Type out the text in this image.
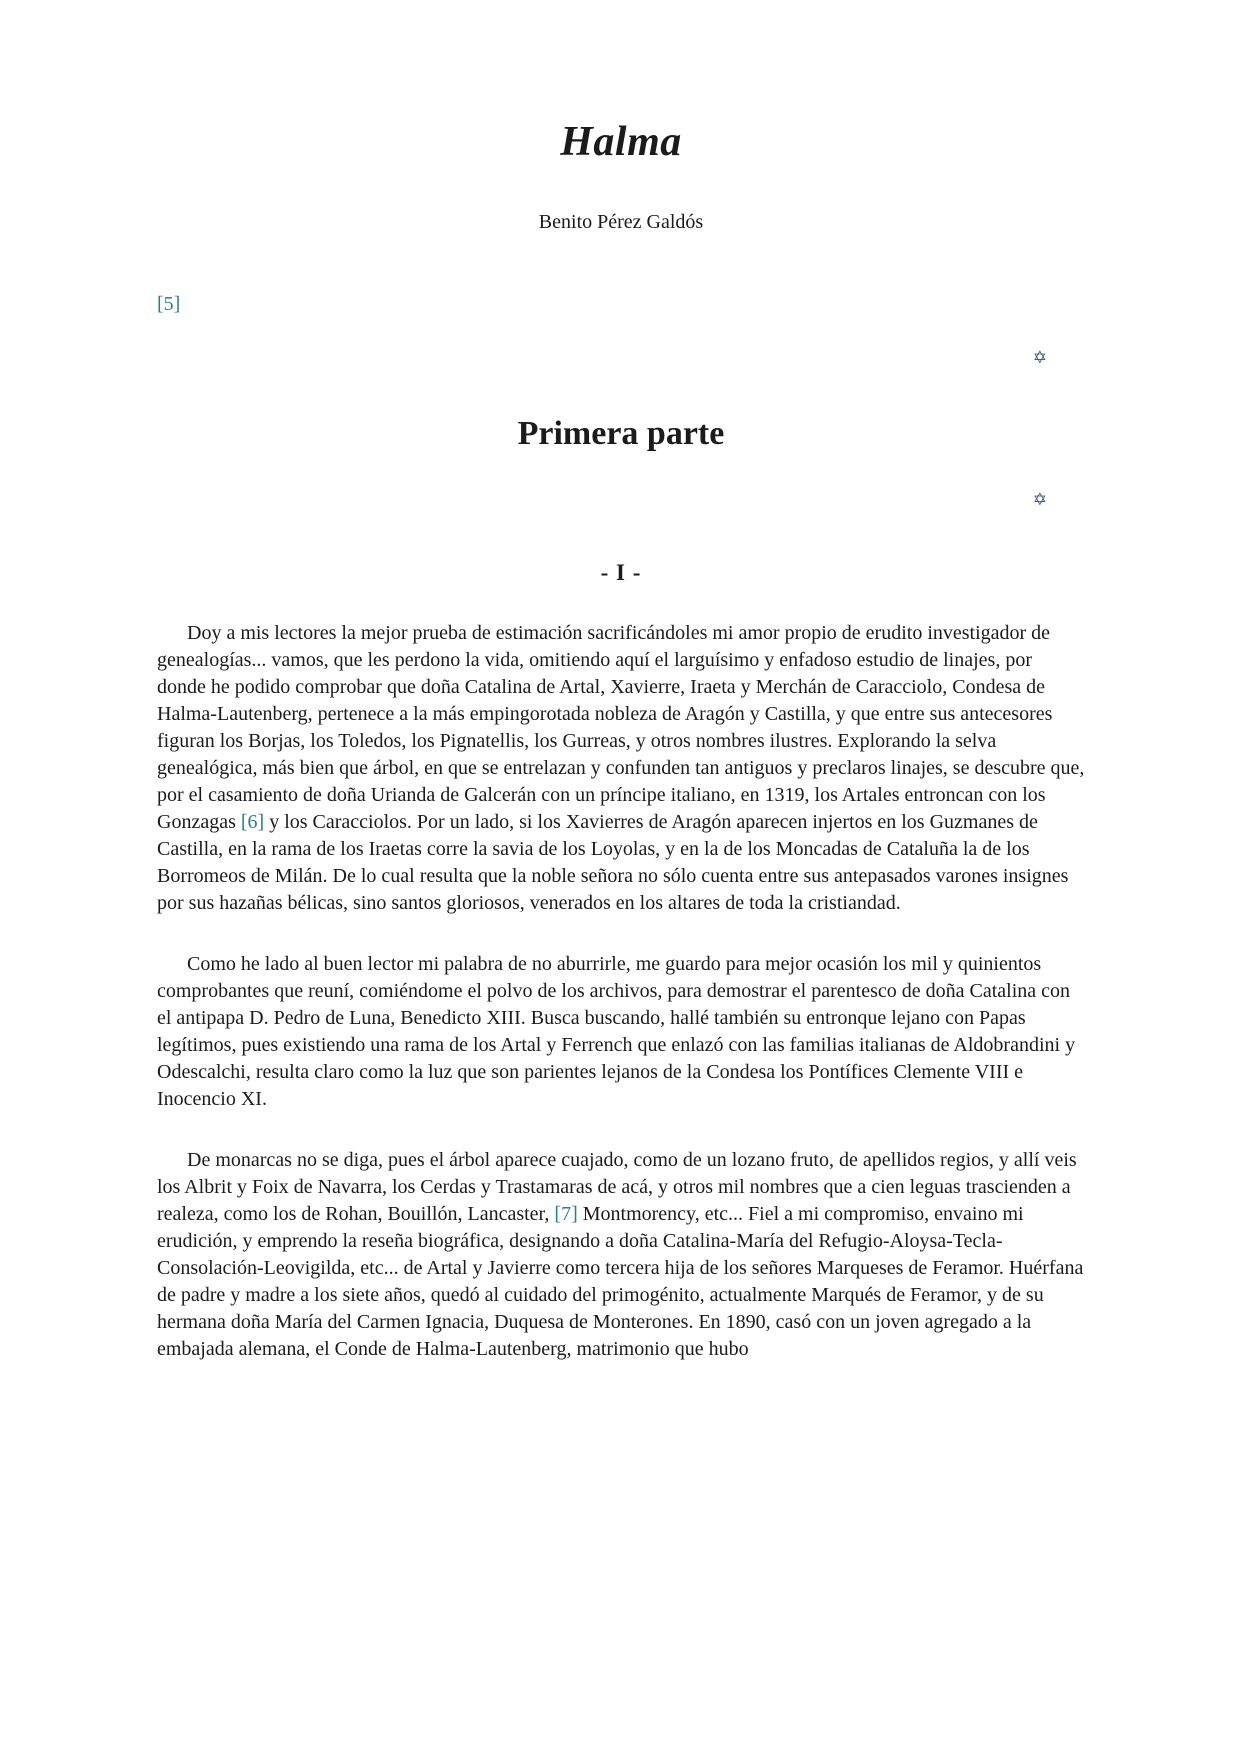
Halma
Benito Pérez Galdós
[5]
✡
Primera parte
✡
- I -

Doy a mis lectores la mejor prueba de estimación sacrificándoles mi amor propio de erudito investigador de genealogías... vamos, que les perdono la vida, omitiendo aquí el larguísimo y enfadoso estudio de linajes, por donde he podido comprobar que doña Catalina de Artal, Xavierre, Iraeta y Merchán de Caracciolo, Condesa de Halma-Lautenberg, pertenece a la más empingorotada nobleza de Aragón y Castilla, y que entre sus antecesores figuran los Borjas, los Toledos, los Pignatellis, los Gurreas, y otros nombres ilustres. Explorando la selva genealógica, más bien que árbol, en que se entrelazan y confunden tan antiguos y preclaros linajes, se descubre que, por el casamiento de doña Urianda de Galcerán con un príncipe italiano, en 1319, los Artales entroncan con los Gonzagas [6] y los Caracciolos. Por un lado, si los Xavierres de Aragón aparecen injertos en los Guzmanes de Castilla, en la rama de los Iraetas corre la savia de los Loyolas, y en la de los Moncadas de Cataluña la de los Borromeos de Milán. De lo cual resulta que la noble señora no sólo cuenta entre sus antepasados varones insignes por sus hazañas bélicas, sino santos gloriosos, venerados en los altares de toda la cristiandad.

Como he lado al buen lector mi palabra de no aburrirle, me guardo para mejor ocasión los mil y quinientos comprobantes que reuní, comiéndome el polvo de los archivos, para demostrar el parentesco de doña Catalina con el antipapa D. Pedro de Luna, Benedicto XIII. Busca buscando, hallé también su entronque lejano con Papas legítimos, pues existiendo una rama de los Artal y Ferrench que enlazó con las familias italianas de Aldobrandini y Odescalchi, resulta claro como la luz que son parientes lejanos de la Condesa los Pontífices Clemente VIII e Inocencio XI.

De monarcas no se diga, pues el árbol aparece cuajado, como de un lozano fruto, de apellidos regios, y allí veis los Albrit y Foix de Navarra, los Cerdas y Trastamaras de acá, y otros mil nombres que a cien leguas trascienden a realeza, como los de Rohan, Bouillón, Lancaster, [7] Montmorency, etc... Fiel a mi compromiso, envaino mi erudición, y emprendo la reseña biográfica, designando a doña Catalina-María del Refugio-Aloysa-Tecla-Consolación-Leovigilda, etc... de Artal y Javierre como tercera hija de los señores Marqueses de Feramor. Huérfana de padre y madre a los siete años, quedó al cuidado del primogénito, actualmente Marqués de Feramor, y de su hermana doña María del Carmen Ignacia, Duquesa de Monterones. En 1890, casó con un joven agregado a la embajada alemana, el Conde de Halma-Lautenberg, matrimonio que hubo
